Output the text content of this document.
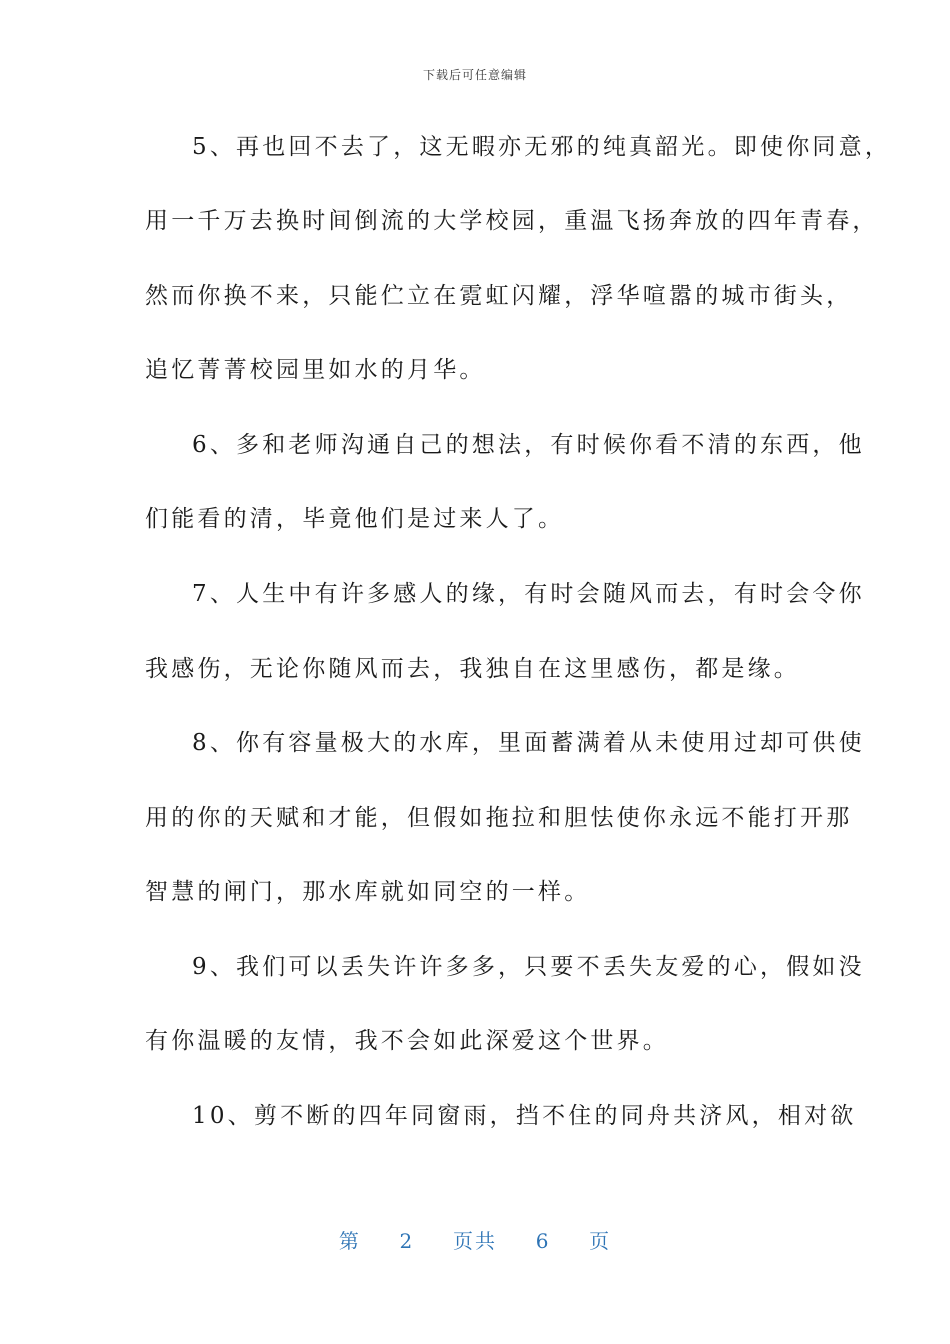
下载后可任意编辑
5、再也回不去了，这无暇亦无邪的纯真韶光。即使你同意，
用一千万去换时间倒流的大学校园，重温飞扬奔放的四年青春，
然而你换不来，只能伫立在霓虹闪耀，浮华喧嚣的城市街头，
追忆菁菁校园里如水的月华。
6、多和老师沟通自己的想法，有时候你看不清的东西，他
们能看的清，毕竟他们是过来人了。
7、人生中有许多感人的缘，有时会随风而去，有时会令你
我感伤，无论你随风而去，我独自在这里感伤，都是缘。
8、你有容量极大的水库，里面蓄满着从未使用过却可供使
用的你的天赋和才能，但假如拖拉和胆怯使你永远不能打开那
智慧的闸门，那水库就如同空的一样。
9、我们可以丢失许许多多，只要不丢失友爱的心，假如没
有你温暖的友情，我不会如此深爱这个世界。
10、剪不断的四年同窗雨，挡不住的同舟共济风，相对欲
第 2 页共 6 页
